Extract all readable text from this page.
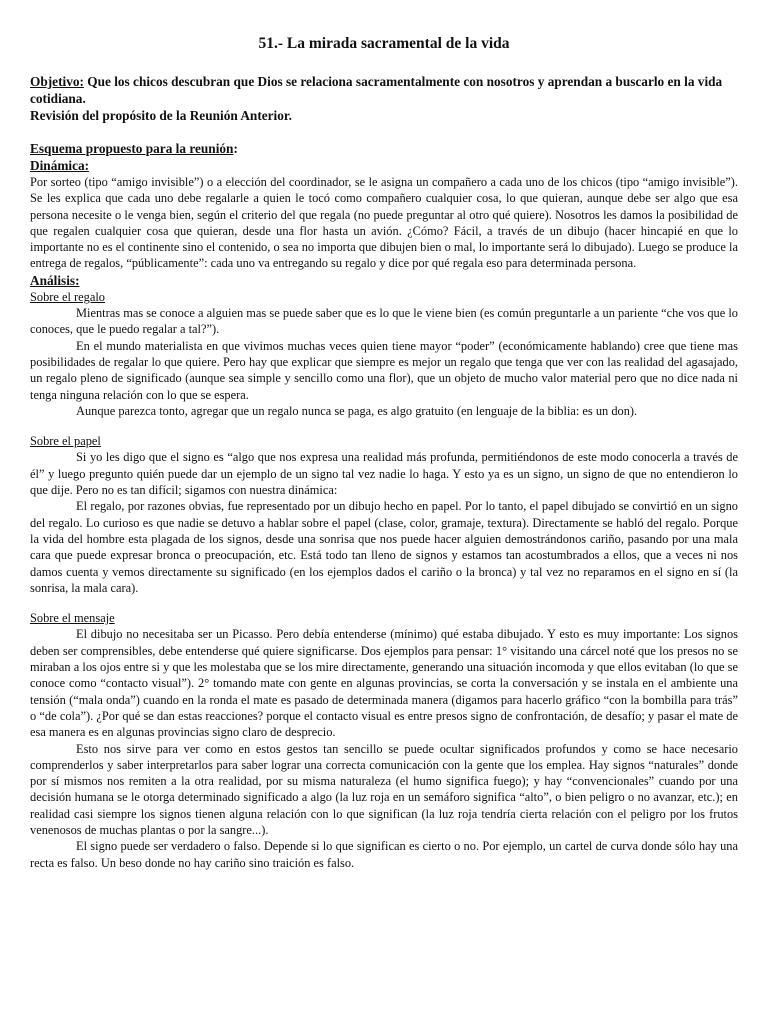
51.- La mirada sacramental de la vida

Objetivo: Que los chicos descubran que Dios se relaciona sacramentalmente con nosotros y aprendan a buscarlo en la vida cotidiana.

Revisión del propósito de la Reunión Anterior.

Esquema propuesto para la reunión:

Dinámica:

Por sorteo (tipo “amigo invisible”) o a elección del coordinador, se le asigna un compañero a cada uno de los chicos (tipo “amigo invisible”). Se les explica que cada uno debe regalarle a quien le tocó como compañero cualquier cosa, lo que quieran, aunque debe ser algo que esa persona necesite o le venga bien, según el criterio del que regala (no puede preguntar al otro qué quiere). Nosotros les damos la posibilidad de que regalen cualquier cosa que quieran, desde una flor hasta un avión. ¿Cómo? Fácil, a través de un dibujo (hacer hincapié en que lo importante no es el continente sino el contenido, o sea no importa que dibujen bien o mal, lo importante será lo dibujado). Luego se produce la entrega de regalos, “públicamente”: cada uno va entregando su regalo y dice por qué regala eso para determinada persona.

Análisis:

Sobre el regalo

Mientras mas se conoce a alguien mas se puede saber que es lo que le viene bien (es común preguntarle a un pariente “che vos que lo conoces, que le puedo regalar a tal?”).

En el mundo materialista en que vivimos muchas veces quien tiene mayor “poder” (económicamente hablando) cree que tiene mas posibilidades de regalar lo que quiere. Pero hay que explicar que siempre es mejor un regalo que tenga que ver con las realidad del agasajado, un regalo pleno de significado (aunque sea simple y sencillo como una flor), que un objeto de mucho valor material pero que no dice nada ni tenga ninguna relación con lo que se espera.

Aunque parezca tonto, agregar que un regalo nunca se paga, es algo gratuito (en lenguaje de la biblia: es un don).

Sobre el papel

Si yo les digo que el signo es “algo que nos expresa una realidad más profunda, permitiéndonos de este modo conocerla a través de él” y luego pregunto quién puede dar un ejemplo de un signo tal vez nadie lo haga. Y esto ya es un signo, un signo de que no entendieron lo que dije. Pero no es tan difícil; sigamos con nuestra dinámica:

El regalo, por razones obvias, fue representado por un dibujo hecho en papel. Por lo tanto, el papel dibujado se convirtió en un signo del regalo. Lo curioso es que nadie se detuvo a hablar sobre el papel (clase, color, gramaje, textura). Directamente se habló del regalo. Porque la vida del hombre esta plagada de los signos, desde una sonrisa que nos puede hacer alguien demostrándonos cariño, pasando por una mala cara que puede expresar bronca o preocupación, etc. Está todo tan lleno de signos y estamos tan acostumbrados a ellos, que a veces ni nos damos cuenta y vemos directamente su significado (en los ejemplos dados el cariño o la bronca) y tal vez no reparamos en el signo en sí (la sonrisa, la mala cara).

Sobre el mensaje

El dibujo no necesitaba ser un Picasso. Pero debía entenderse (mínimo) qué estaba dibujado. Y esto es muy importante: Los signos deben ser comprensibles, debe entenderse qué quiere significarse. Dos ejemplos para pensar: 1° visitando una cárcel noté que los presos no se miraban a los ojos entre si y que les molestaba que se los mire directamente, generando una situación incomoda y que ellos evitaban (lo que se conoce como “contacto visual”). 2° tomando mate con gente en algunas provincias, se corta la conversación y se instala en el ambiente una tensión (“mala onda”) cuando en la ronda el mate es pasado de determinada manera (digamos para hacerlo gráfico “con la bombilla para trás” o “de cola”). ¿Por qué se dan estas reacciones? porque el contacto visual es entre presos signo de confrontación, de desafío; y pasar el mate de esa manera es en algunas provincias signo claro de desprecio.

Esto nos sirve para ver como en estos gestos tan sencillo se puede ocultar significados profundos y como se hace necesario comprenderlos y saber interpretarlos para saber lograr una correcta comunicación con la gente que los emplea. Hay signos “naturales” donde por sí mismos nos remiten a la otra realidad, por su misma naturaleza (el humo significa fuego); y hay “convencionales” cuando por una decisión humana se le otorga determinado significado a algo (la luz roja en un semáforo significa “alto”, o bien peligro o no avanzar, etc.); en realidad casi siempre los signos tienen alguna relación con lo que significan (la luz roja tendría cierta relación con el peligro por los frutos venenosos de muchas plantas o por la sangre...).

El signo puede ser verdadero o falso. Depende si lo que significan es cierto o no. Por ejemplo, un cartel de curva donde sólo hay una recta es falso. Un beso donde no hay cariño sino traición es falso.
